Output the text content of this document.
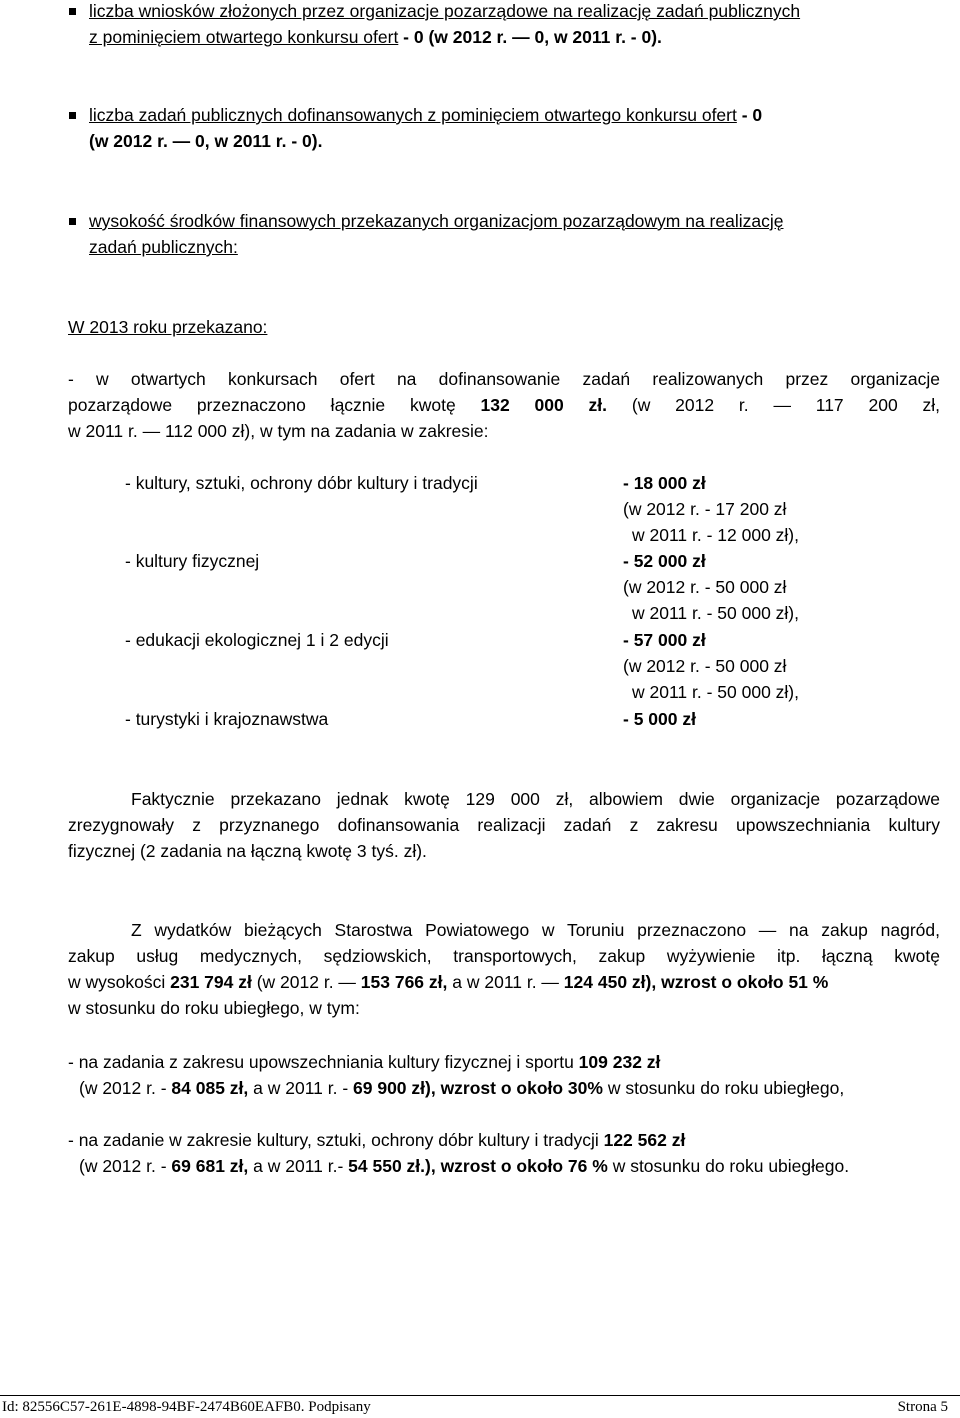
liczba wniosków złożonych przez organizacje pozarządowe na realizację zadań publicznych
z pominięciem otwartego konkursu ofert - 0 (w 2012 r. ― 0, w 2011 r. - 0).
liczba zadań publicznych dofinansowanych z pominięciem otwartego konkursu ofert - 0
(w 2012 r. ― 0, w 2011 r. - 0).
wysokość środków finansowych przekazanych organizacjom pozarządowym na realizację
zadań publicznych:
W 2013 roku przekazano:
- w otwartych konkursach ofert na dofinansowanie zadań realizowanych przez organizacje
pozarządowe przeznaczono łącznie kwotę 132 000 zł. (w 2012 r. ― 117 200 zł,
w 2011 r. ― 112 000 zł), w tym na zadania w zakresie:
- kultury, sztuki, ochrony dóbr kultury i tradycji	- 18 000 zł
(w 2012 r. - 17 200 zł
w 2011 r. - 12 000 zł),
- kultury fizycznej	- 52 000 zł
(w 2012 r. - 50 000 zł
w 2011 r. - 50 000 zł),
- edukacji ekologicznej 1 i 2 edycji	- 57 000 zł
(w 2012 r. - 50 000 zł
w 2011 r. - 50 000 zł),
- turystyki i krajoznawstwa	- 5 000 zł
Faktycznie przekazano jednak kwotę 129 000 zł, albowiem dwie organizacje pozarządowe
zrezygnowały z przyznanego dofinansowania realizacji zadań z zakresu upowszechniania kultury
fizycznej (2 zadania na łączną kwotę 3 tyś. zł).
Z wydatków bieżących Starostwa Powiatowego w Toruniu przeznaczono ― na zakup nagród,
zakup usług medycznych, sędziowskich, transportowych, zakup wyżywienie itp. łączną kwotę
w wysokości 231 794 zł (w 2012 r. ― 153 766 zł, a w 2011 r. ― 124 450 zł), wzrost o około 51 %
w stosunku do roku ubiegłego, w tym:
- na zadania z zakresu upowszechniania kultury fizycznej i sportu 109 232 zł
(w 2012 r. - 84 085 zł, a w 2011 r. - 69 900 zł), wzrost o około 30% w stosunku do roku ubiegłego,
- na zadanie w zakresie kultury, sztuki, ochrony dóbr kultury i tradycji 122 562 zł
(w 2012 r. - 69 681 zł, a w 2011 r.- 54 550 zł.), wzrost o około 76 % w stosunku do roku ubiegłego.
Id: 82556C57-261E-4898-94BF-2474B60EAFB0. Podpisany	Strona 5
